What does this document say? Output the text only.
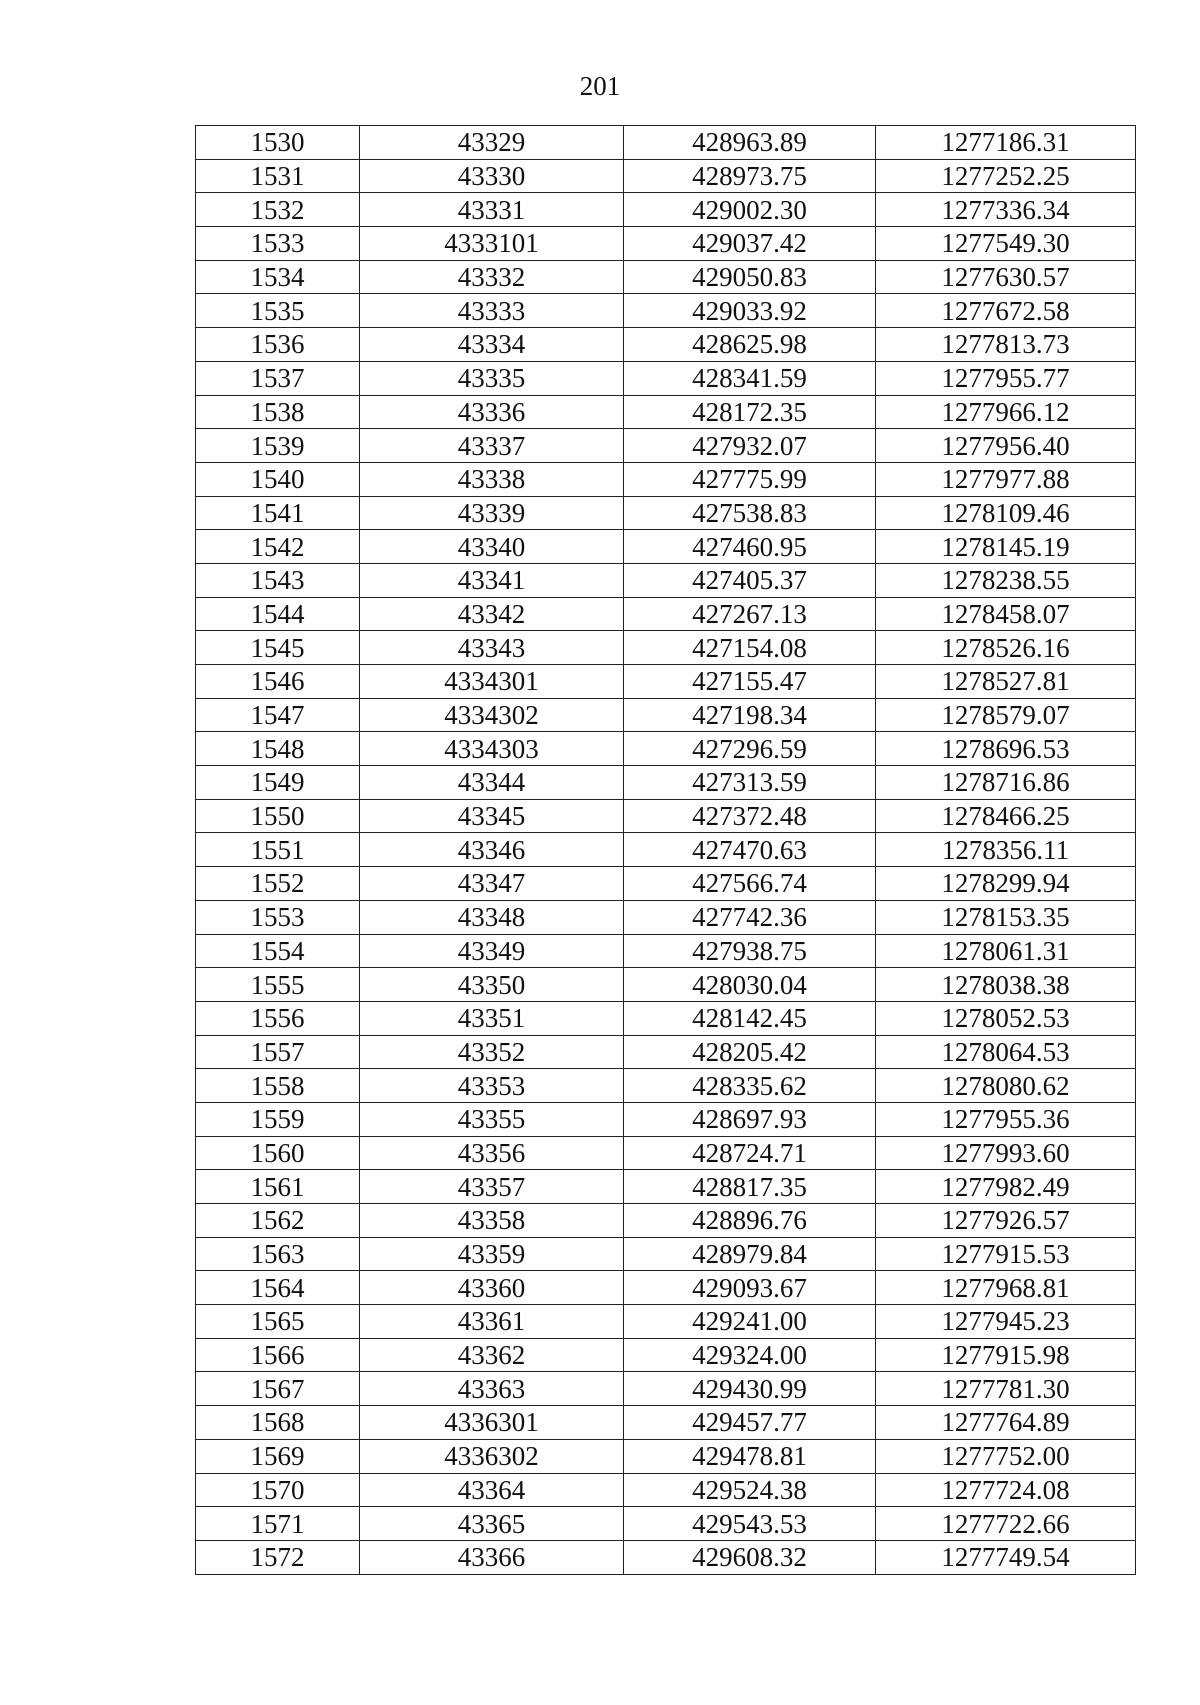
201
1530	43329	428963.89	1277186.31
1531	43330	428973.75	1277252.25
1532	43331	429002.30	1277336.34
1533	4333101	429037.42	1277549.30
1534	43332	429050.83	1277630.57
1535	43333	429033.92	1277672.58
1536	43334	428625.98	1277813.73
1537	43335	428341.59	1277955.77
1538	43336	428172.35	1277966.12
1539	43337	427932.07	1277956.40
1540	43338	427775.99	1277977.88
1541	43339	427538.83	1278109.46
1542	43340	427460.95	1278145.19
1543	43341	427405.37	1278238.55
1544	43342	427267.13	1278458.07
1545	43343	427154.08	1278526.16
1546	4334301	427155.47	1278527.81
1547	4334302	427198.34	1278579.07
1548	4334303	427296.59	1278696.53
1549	43344	427313.59	1278716.86
1550	43345	427372.48	1278466.25
1551	43346	427470.63	1278356.11
1552	43347	427566.74	1278299.94
1553	43348	427742.36	1278153.35
1554	43349	427938.75	1278061.31
1555	43350	428030.04	1278038.38
1556	43351	428142.45	1278052.53
1557	43352	428205.42	1278064.53
1558	43353	428335.62	1278080.62
1559	43355	428697.93	1277955.36
1560	43356	428724.71	1277993.60
1561	43357	428817.35	1277982.49
1562	43358	428896.76	1277926.57
1563	43359	428979.84	1277915.53
1564	43360	429093.67	1277968.81
1565	43361	429241.00	1277945.23
1566	43362	429324.00	1277915.98
1567	43363	429430.99	1277781.30
1568	4336301	429457.77	1277764.89
1569	4336302	429478.81	1277752.00
1570	43364	429524.38	1277724.08
1571	43365	429543.53	1277722.66
1572	43366	429608.32	1277749.54
